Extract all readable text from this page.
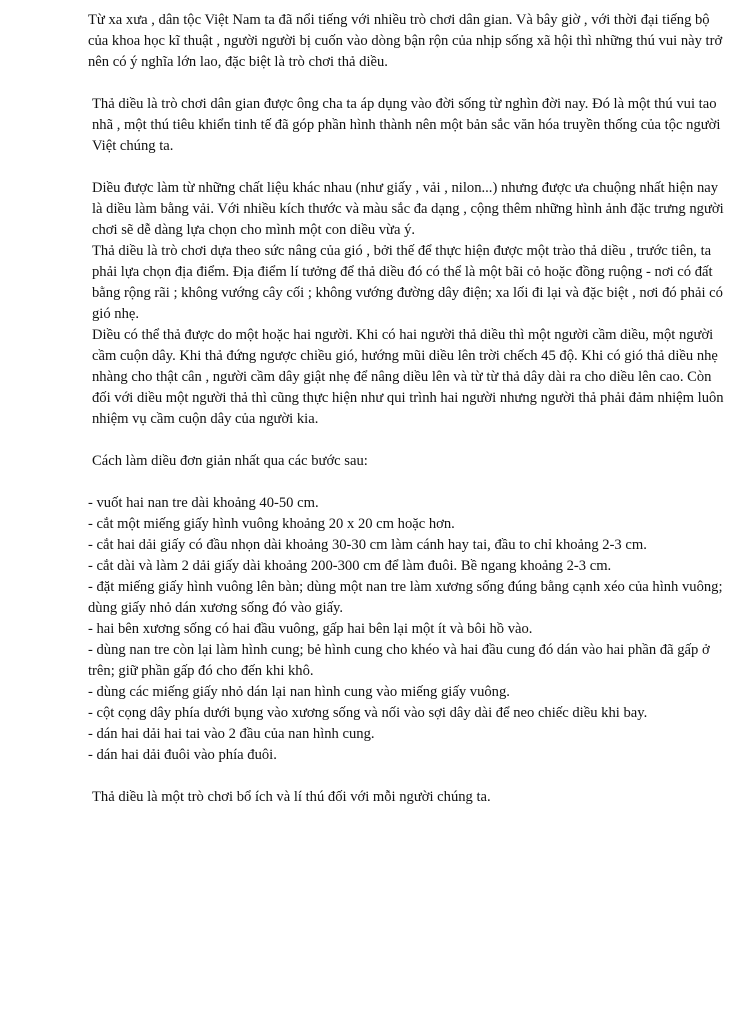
Từ xa xưa , dân tộc Việt Nam ta đã nổi tiếng với nhiều trò chơi dân gian. Và bây giờ , với thời đại tiếng bộ của khoa học kĩ thuật , người người bị cuốn vào dòng bận rộn của nhịp sống xã hội thì những thú vui này trở nên có ý nghĩa lớn lao, đặc biệt là trò chơi thả diều.

Thả diều là trò chơi dân gian được ông cha ta áp dụng vào đời sống từ nghìn đời nay. Đó là một thú vui tao nhã , một thú tiêu khiển tinh tế đã góp phần hình thành nên một bản sắc văn hóa truyền thống của tộc người Việt chúng ta.

Diều được làm từ những chất liệu khác nhau (như giấy , vải , nilon...) nhưng được ưa chuộng nhất hiện nay là diều làm bằng vải. Với nhiều kích thước và màu sắc đa dạng , cộng thêm những hình ảnh đặc trưng người chơi sẽ dễ dàng lựa chọn cho mình một con diều vừa ý.

Thả diều là trò chơi dựa theo sức nâng của gió , bởi thế để thực hiện được một trào thả diều , trước tiên, ta phải lựa chọn địa điểm. Địa điểm lí tưởng để thả diều đó có thể là một bãi cỏ hoặc đồng ruộng - nơi có đất bằng rộng rãi ; không vướng cây cối ; không vướng đường dây điện; xa lối đi lại và đặc biệt , nơi đó phải có gió nhẹ.

Diều có thể thả được do một hoặc hai người. Khi có hai người thả diều thì một người cầm diều, một người cầm cuộn dây. Khi thả đứng ngược chiều gió, hướng mũi diều lên trời chếch 45 độ. Khi có gió thả diều nhẹ nhàng cho thật cân , người cầm dây giật nhẹ để nâng diều lên và từ từ thả dây dài ra cho diều lên cao. Còn đối với diều một người thả thì cũng thực hiện như qui trình hai người nhưng người thả phải đảm nhiệm luôn nhiệm vụ cầm cuộn dây của người kia.

Cách làm diều đơn giản nhất qua các bước sau:

- vuốt hai nan tre dài khoảng 40-50 cm.
- cắt một miếng giấy hình vuông khoảng 20 x 20 cm hoặc hơn.
- cắt hai dải giấy có đầu nhọn dài khoảng 30-30 cm làm cánh hay tai, đầu to chỉ khoảng 2-3 cm.
- cắt dài và làm 2 dải giấy dài khoảng 200-300 cm để làm đuôi. Bề ngang khoảng 2-3 cm.
- đặt miếng giấy hình vuông lên bàn; dùng một nan tre làm xương sống đúng bằng cạnh xéo của hình vuông; dùng giấy nhỏ dán xương sống đó vào giấy.
- hai bên xương sống có hai đầu vuông, gấp hai bên lại một ít và bôi hồ vào.
- dùng nan tre còn lại làm hình cung; bẻ hình cung cho khéo và hai đầu cung đó dán vào hai phần đã gấp ở trên; giữ phần gấp đó cho đến khi khô.
- dùng các miếng giấy nhỏ dán lại nan hình cung vào miếng giấy vuông.
- cột cọng dây phía dưới bụng vào xương sống và nối vào sợi dây dài để neo chiếc diều khi bay.
- dán hai dải hai tai vào 2 đầu của nan hình cung.
- dán hai dải đuôi vào phía đuôi.

Thả diều là một trò chơi bổ ích và lí thú đối với mỗi người chúng ta.
